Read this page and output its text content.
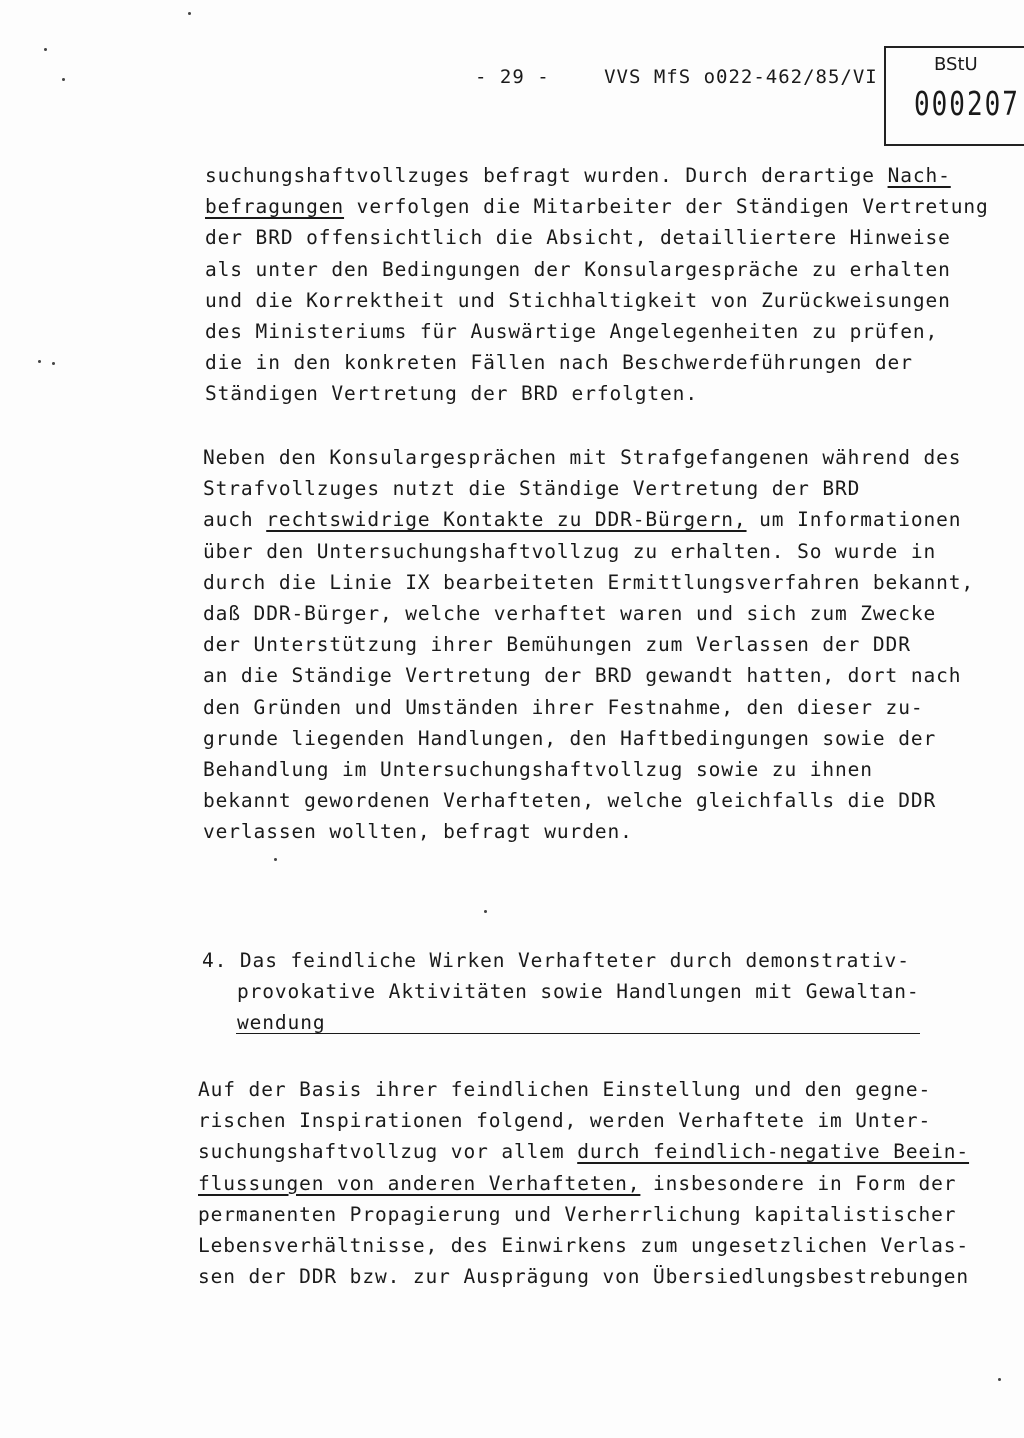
- 29 -	VVS MfS o022-462/85/VI
BStU
000207
suchungshaftvollzuges befragt wurden. Durch derartige Nach-
befragungen verfolgen die Mitarbeiter der Ständigen Vertretung
der BRD offensichtlich die Absicht, detailliertere Hinweise
als unter den Bedingungen der Konsulargespräche zu erhalten
und die Korrektheit und Stichhaltigkeit von Zurückweisungen
des Ministeriums für Auswärtige Angelegenheiten zu prüfen,
die in den konkreten Fällen nach Beschwerdeführungen der
Ständigen Vertretung der BRD erfolgten.
Neben den Konsulargesprächen mit Strafgefangenen während des
Strafvollzuges nutzt die Ständige Vertretung der BRD
auch rechtswidrige Kontakte zu DDR-Bürgern, um Informationen
über den Untersuchungshaftvollzug zu erhalten. So wurde in
durch die Linie IX bearbeiteten Ermittlungsverfahren bekannt,
daß DDR-Bürger, welche verhaftet waren und sich zum Zwecke
der Unterstützung ihrer Bemühungen zum Verlassen der DDR
an die Ständige Vertretung der BRD gewandt hatten, dort nach
den Gründen und Umständen ihrer Festnahme, den dieser zu-
grunde liegenden Handlungen, den Haftbedingungen sowie der
Behandlung im Untersuchungshaftvollzug sowie zu ihnen
bekannt gewordenen Verhafteten, welche gleichfalls die DDR
verlassen wollten, befragt wurden.
4. Das feindliche Wirken Verhafteter durch demonstrativ-
provokative Aktivitäten sowie Handlungen mit Gewaltan-
wendung
Auf der Basis ihrer feindlichen Einstellung und den gegne-
rischen Inspirationen folgend, werden Verhaftete im Unter-
suchungshaftvollzug vor allem durch feindlich-negative Beein-
flussungen von anderen Verhafteten, insbesondere in Form der
permanenten Propagierung und Verherrlichung kapitalistischer
Lebensverhältnisse, des Einwirkens zum ungesetzlichen Verlas-
sen der DDR bzw. zur Ausprägung von Übersiedlungsbestrebungen
